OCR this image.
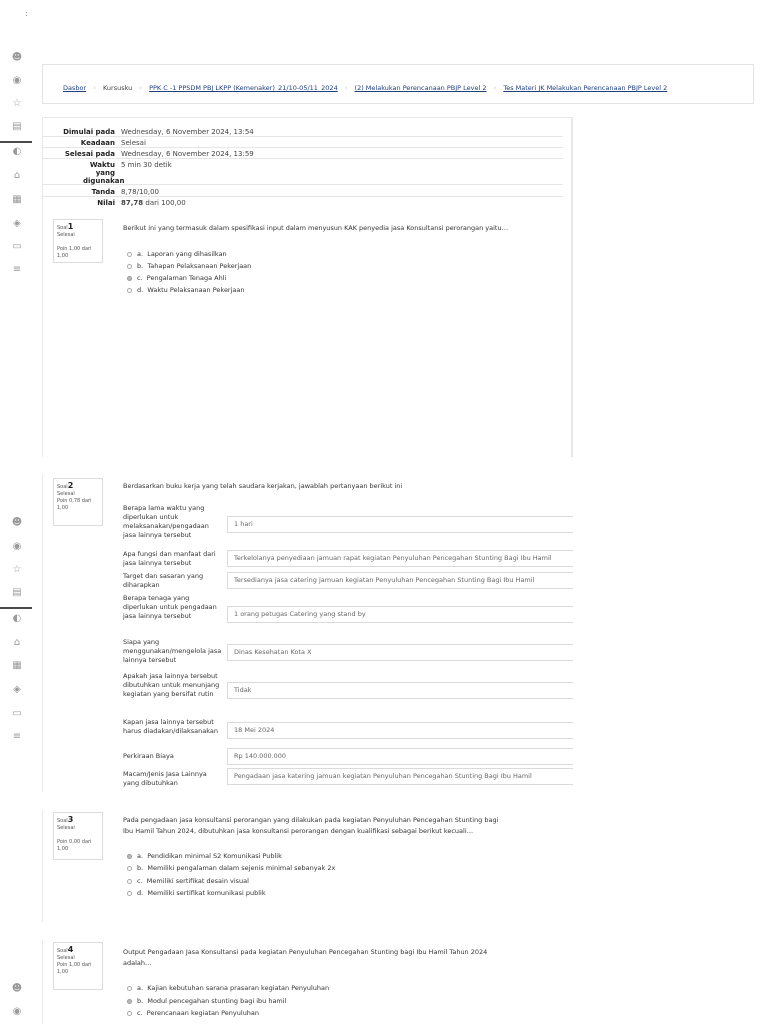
:
☻
◉
☆
▤
◐
⌂
▦
◈
▭
≡
☻
◉
☆
▤
◐
⌂
▦
◈
▭
≡
☻
◉
Dasbor › Kursusku › PPK C -1 PPSDM PBJ LKPP (Kemenaker)_21/10-05/11_2024 › (2) Melakukan Perencanaan PBJP Level 2 › Tes Materi JK Melakukan Perencanaan PBJP Level 2
Dimulai pada Wednesday, 6 November 2024, 13:54
Keadaan Selesai
Selesai pada Wednesday, 6 November 2024, 13:59
Waktu yang digunakan
5 min 30 detik
Tanda 8,78/10,00
Nilai 87,78 dari 100,00
Soal1
Selesai

Poin 1,00 dari 1,00
Berikut ini yang termasuk dalam spesifikasi input dalam menyusun KAK penyedia jasa Konsultansi perorangan yaitu…
a.
Laporan yang dihasilkan
b.
Tahapan Pelaksanaan Pekerjaan
c.
Pengalaman Tenaga Ahli
d.
Waktu Pelaksanaan Pekerjaan
Soal2
Selesai
Poin 0,78 dari 1,00
Berdasarkan buku kerja yang telah saudara kerjakan, jawablah pertanyaan berikut ini
Berapa lama waktu yang diperlukan untuk melaksanakan/pengadaan jasa lainnya tersebut
1 hari
Apa fungsi dan manfaat dari jasa lainnya tersebut
Terkelolanya penyediaan jamuan rapat kegiatan Penyuluhan Pencegahan Stunting Bagi Ibu Hamil
Target dan sasaran yang diharapkan
Tersedianya jasa catering jamuan kegiatan Penyuluhan Pencegahan Stunting Bagi Ibu Hamil
Berapa tenaga yang diperlukan untuk pengadaan jasa lainnya tersebut	1 orang petugas Catering yang stand by
Siapa yang menggunakan/mengelola jasa lainnya tersebut
Dinas Kesehatan Kota X
Apakah jasa lainnya tersebut dibutuhkan untuk menunjang kegiatan yang bersifat rutin	Tidak
Kapan jasa lainnya tersebut harus diadakan/dilaksanakan	18 Mei 2024
Perkiraan Biaya	Rp 140.000.000
Macam/Jenis Jasa Lainnya yang dibutuhkan
Pengadaan jasa katering jamuan kegiatan Penyuluhan Pencegahan Stunting Bagi Ibu Hamil
Soal3
Selesai

Poin 0,00 dari 1,00
Pada pengadaan jasa konsultansi perorangan yang dilakukan pada kegiatan Penyuluhan Pencegahan Stunting bagi
Ibu Hamil Tahun 2024, dibutuhkan jasa konsultansi perorangan dengan kualifikasi sebagai berikut kecuali…
a.
Pendidikan minimal S2 Komunikasi Publik
b.
Memiliki pengalaman dalam sejenis minimal sebanyak 2x
c.
Memiliki sertifikat desain visual
d.
Memiliki sertifikat komunikasi publik
Soal4
Selesai
Poin 1,00 dari 1,00
Output Pengadaan Jasa Konsultansi pada kegiatan Penyuluhan Pencegahan Stunting bagi Ibu Hamil Tahun 2024
adalah…
a.
Kajian kebutuhan sarana prasaran kegiatan Penyuluhan
b.
Modul pencegahan stunting bagi ibu hamil
c.
Perencanaan kegiatan Penyuluhan
